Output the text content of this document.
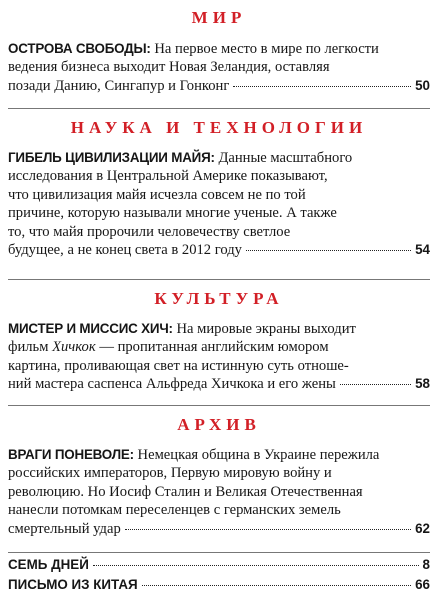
МИР
ОСТРОВА СВОБОДЫ: На первое место в мире по легкости
ведения бизнеса выходит Новая Зеландия, оставляя
позади Данию, Сингапур и Гонконг	50
НАУКА И ТЕХНОЛОГИИ
ГИБЕЛЬ ЦИВИЛИЗАЦИИ МАЙЯ: Данные масштабного
исследования в Центральной Америке показывают,
что цивилизация майя исчезла совсем не по той
причине, которую называли многие ученые. А также
то, что майя пророчили человечеству светлое
будущее, а не конец света в 2012 году	54
КУЛЬТУРА
МИСТЕР И МИССИС ХИЧ: На мировые экраны выходит
фильм Хичкок — пропитанная английским юмором
картина, проливающая свет на истинную суть отноше-
ний мастера саспенса Альфреда Хичкока и его жены	58
АРХИВ
ВРАГИ ПОНЕВОЛЕ: Немецкая община в Украине пережила
российских императоров, Первую мировую войну и
революцию. Но Иосиф Сталин и Великая Отечественная
нанесли потомкам переселенцев с германских земель
смертельный удар	62
СЕМЬ ДНЕЙ	8
ПИСЬМО ИЗ КИТАЯ	66
